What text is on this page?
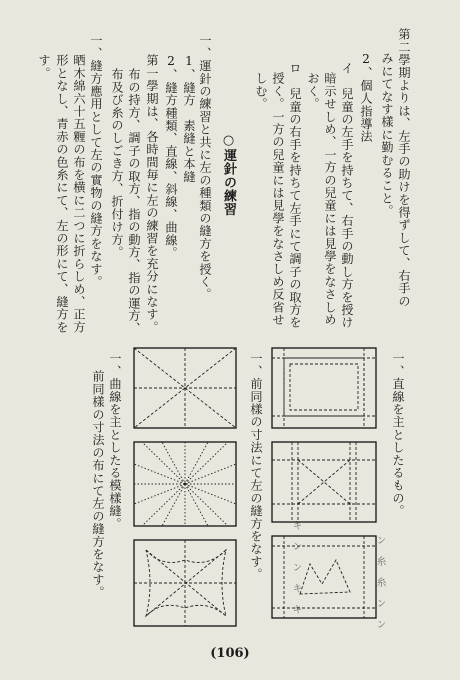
第二學期よりは、左手の助けを得ずして、右手の
みにてなす樣に勤むること。
2、個人指導法
イ　兒童の左手を持ちて、右手の動し方を授け
暗示せしめ、一方の兒童には見學をなさしめ
おく。
ロ　兒童の右手を持ちて左手にて調子の取方を
授く。一方の兒童には見學をなさしめ反省せ
しむ。
○運針の練習
一、運針の練習と共に左の種類の縫方を授く。
1、縫方　素縫と本縫
2、縫方種類、直線、斜線、曲線。
第一學期は、各時間毎に左の練習を充分になす。
布の持方、調子の取方、指の動方、指の運方、
布及び糸のしごき方、折付け方。
一、縫方應用として左の實物の縫方をなす。
晒木綿六十五糎の布を横に二つに折らしめ、正方
形となし、青赤の色糸にて、左の形にて、縫方を
す。
一、直線を主としたるもの。
一、前同樣の寸法にて左の縫方をなす。
一、曲線を主としたる模樣縫。
前同樣の寸法の布にて左の縫方をなす。	ン　糸　糸　ン　ン
キ　ン　ン　キ　キ
(106)
